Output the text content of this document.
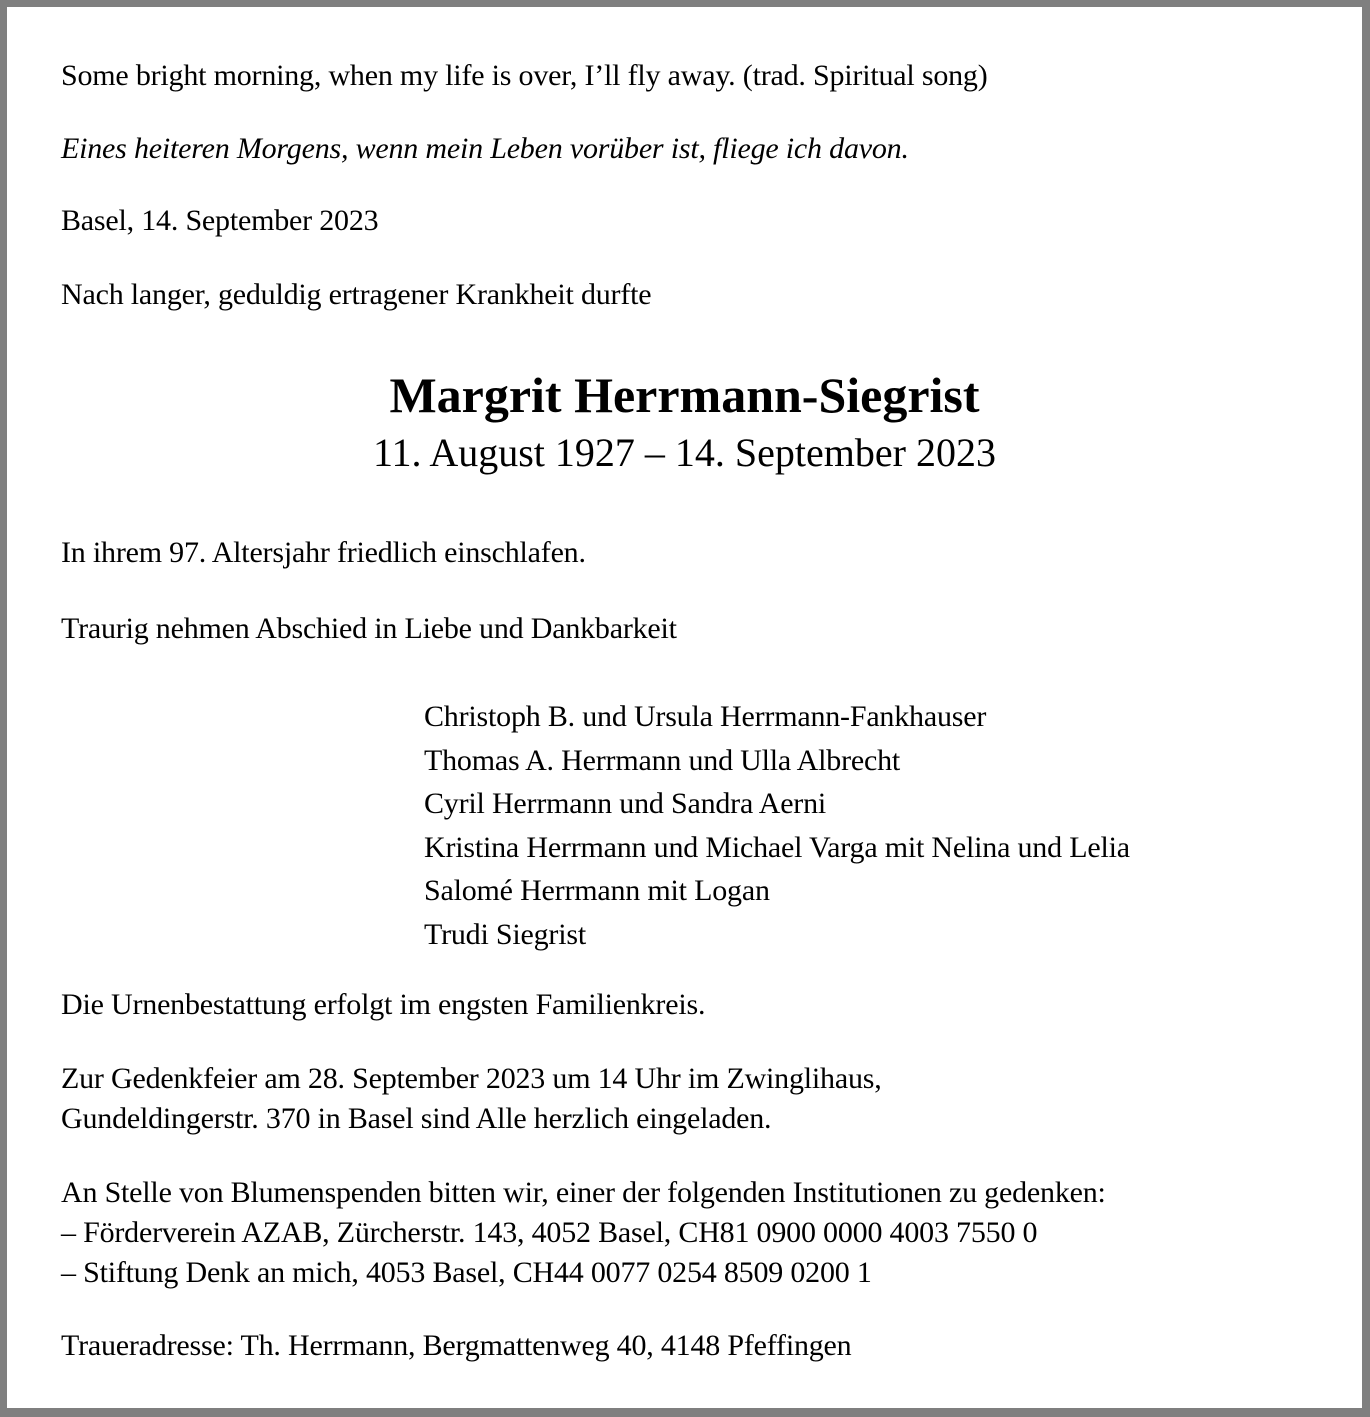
Some bright morning, when my life is over, I’ll fly away. (trad. Spiritual song)
Eines heiteren Morgens, wenn mein Leben vorüber ist, fliege ich davon.
Basel, 14. September 2023
Nach langer, geduldig ertragener Krankheit durfte
Margrit Herrmann-Siegrist
11. August 1927 – 14. September 2023
In ihrem 97. Altersjahr friedlich einschlafen.
Traurig nehmen Abschied in Liebe und Dankbarkeit
Christoph B. und Ursula Herrmann-Fankhauser
Thomas A. Herrmann und Ulla Albrecht
Cyril Herrmann und Sandra Aerni
Kristina Herrmann und Michael Varga mit Nelina und Lelia
Salomé Herrmann mit Logan
Trudi Siegrist
Die Urnenbestattung erfolgt im engsten Familienkreis.
Zur Gedenkfeier am 28. September 2023 um 14 Uhr im Zwinglihaus,
Gundeldingerstr. 370 in Basel sind Alle herzlich eingeladen.
An Stelle von Blumenspenden bitten wir, einer der folgenden Institutionen zu gedenken:
– Förderverein AZAB, Zürcherstr. 143, 4052 Basel, CH81 0900 0000 4003 7550 0
– Stiftung Denk an mich, 4053 Basel, CH44 0077 0254 8509 0200 1
Traueradresse: Th. Herrmann, Bergmattenweg 40, 4148 Pfeffingen
